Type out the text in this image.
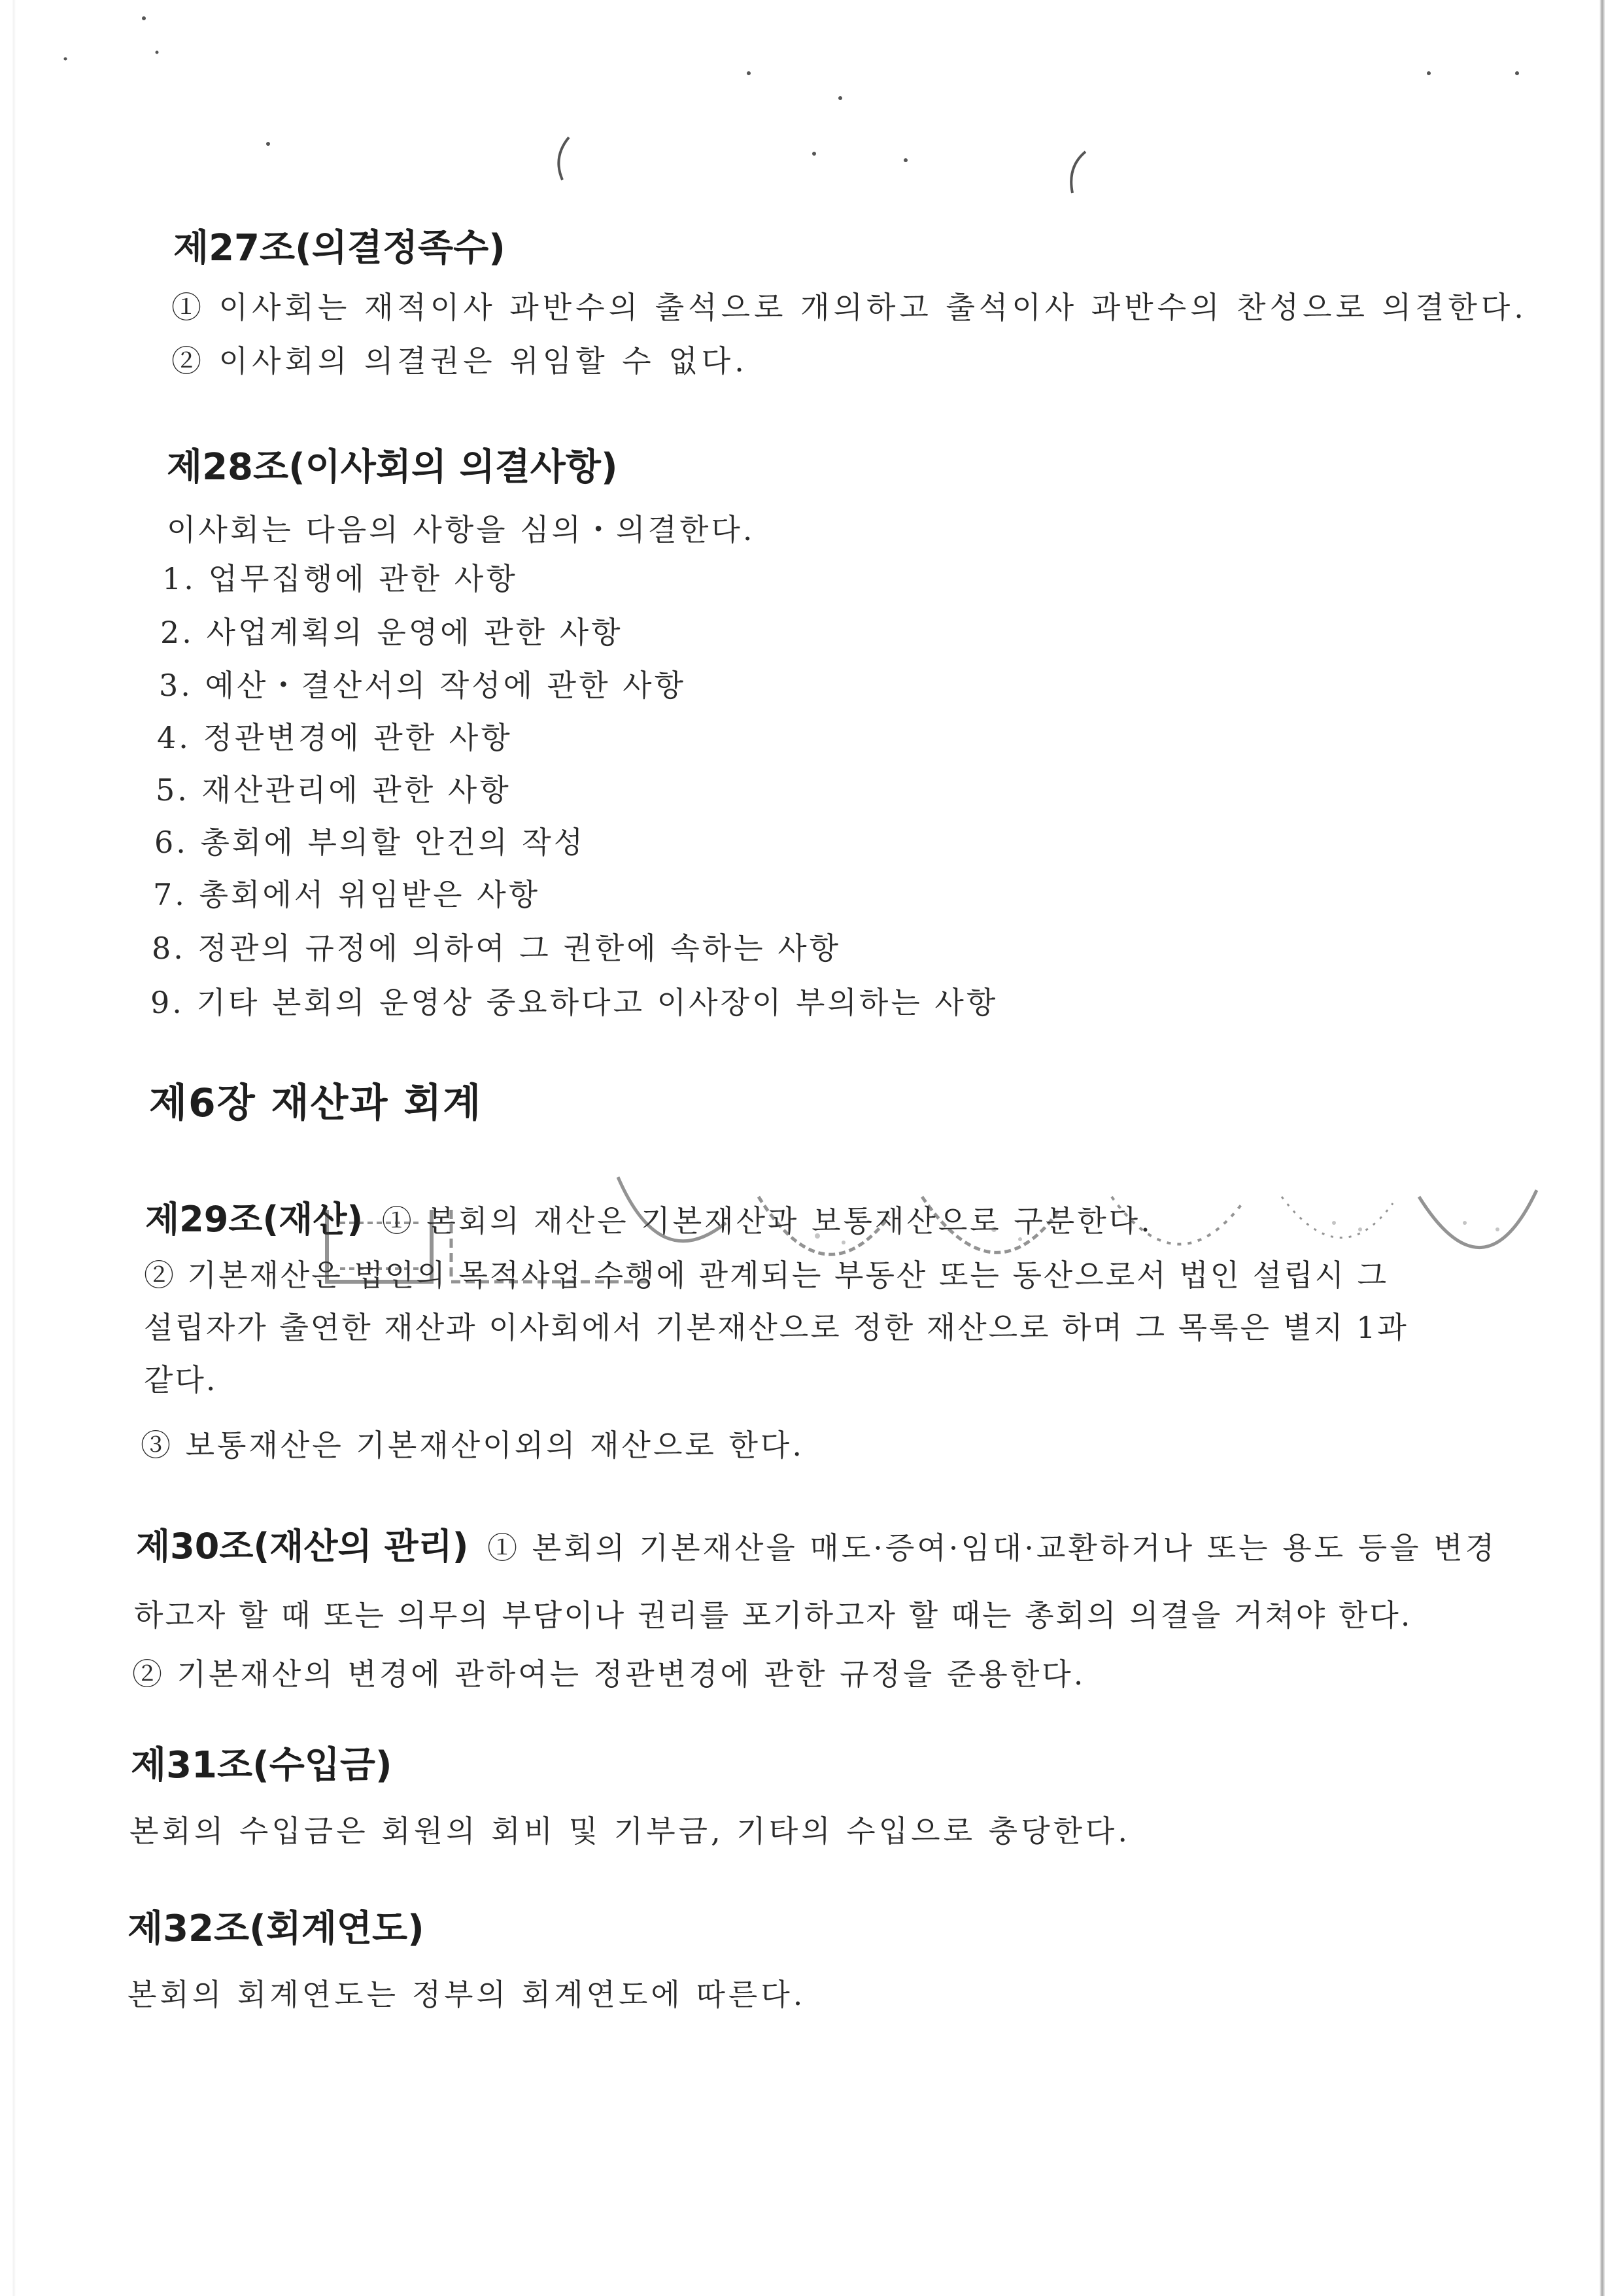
제27조(의결정족수)
① 이사회는 재적이사 과반수의 출석으로 개의하고 출석이사 과반수의 찬성으로 의결한다.
② 이사회의 의결권은 위임할 수 없다.
제28조(이사회의 의결사항)
이사회는 다음의 사항을 심의・의결한다.
1. 업무집행에 관한 사항
2. 사업계획의 운영에 관한 사항
3. 예산・결산서의 작성에 관한 사항
4. 정관변경에 관한 사항
5. 재산관리에 관한 사항
6. 총회에 부의할 안건의 작성
7. 총회에서 위임받은 사항
8. 정관의 규정에 의하여 그 권한에 속하는 사항
9. 기타 본회의 운영상 중요하다고 이사장이 부의하는 사항
제6장 재산과 회계
제29조(재산) ① 본회의 재산은 기본재산과 보통재산으로 구분한다.
② 기본재산은 법인의 목적사업 수행에 관계되는 부동산 또는 동산으로서 법인 설립시 그
설립자가 출연한 재산과 이사회에서 기본재산으로 정한 재산으로 하며 그 목록은 별지 1과
같다.
③ 보통재산은 기본재산이외의 재산으로 한다.
제30조(재산의 관리) ① 본회의 기본재산을 매도·증여·임대·교환하거나 또는 용도 등을 변경
하고자 할 때 또는 의무의 부담이나 권리를 포기하고자 할 때는 총회의 의결을 거쳐야 한다.
② 기본재산의 변경에 관하여는 정관변경에 관한 규정을 준용한다.
제31조(수입금)
본회의 수입금은 회원의 회비 및 기부금, 기타의 수입으로 충당한다.
제32조(회계연도)
본회의 회계연도는 정부의 회계연도에 따른다.
